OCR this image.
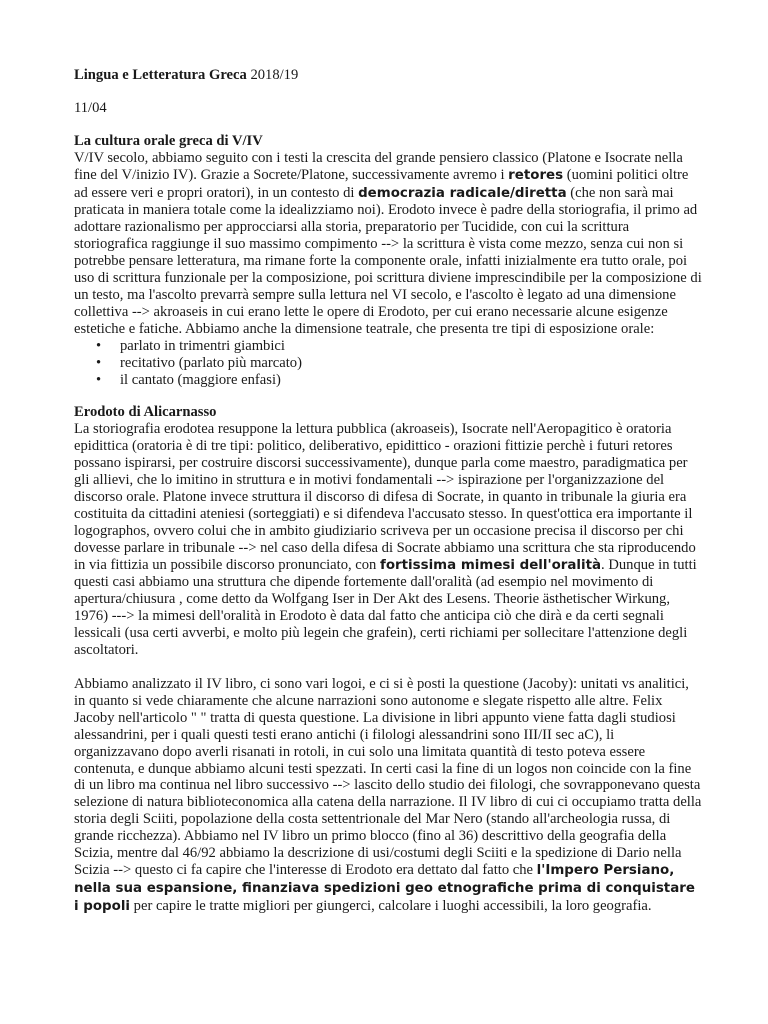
Lingua e Letteratura Greca 2018/19

11/04

La cultura orale greca di V/IV

V/IV secolo, abbiamo seguito con i testi la crescita del grande pensiero classico (Platone e Isocrate nella fine del V/inizio IV). Grazie a Socrete/Platone, successivamente avremo i retores (uomini politici oltre ad essere veri e propri oratori), in un contesto di democrazia radicale/diretta (che non sarà mai praticata in maniera totale come la idealizziamo noi). Erodoto invece è padre della storiografia, il primo ad adottare razionalismo per approcciarsi alla storia, preparatorio per Tucidide, con cui la scrittura storiografica raggiunge il suo massimo compimento --> la scrittura è vista come mezzo, senza cui non si potrebbe pensare letteratura, ma rimane forte la componente orale, infatti inizialmente era tutto orale, poi uso di scrittura funzionale per la composizione, poi scrittura diviene imprescindibile per la composizione di un testo, ma l'ascolto prevarrà sempre sulla lettura nel VI secolo, e l'ascolto è legato ad una dimensione collettiva --> akroaseis in cui erano lette le opere di Erodoto, per cui erano necessarie alcune esigenze estetiche e fatiche. Abbiamo anche la dimensione teatrale, che presenta tre tipi di esposizione orale:

• parlato in trimentri giambici
• recitativo (parlato più marcato)
• il cantato (maggiore enfasi)

Erodoto di Alicarnasso

La storiografia erodotea resuppone la lettura pubblica (akroaseis), Isocrate nell'Aeropagitico è oratoria epidittica (oratoria è di tre tipi: politico, deliberativo, epidittico - orazioni fittizie perchè i futuri retores possano ispirarsi, per costruire discorsi successivamente), dunque parla come maestro, paradigmatica per gli allievi, che lo imitino in struttura e in motivi fondamentali --> ispirazione per l'organizzazione del discorso orale. Platone invece struttura il discorso di difesa di Socrate, in quanto in tribunale la giuria era costituita da cittadini ateniesi (sorteggiati) e si difendeva l'accusato stesso. In quest'ottica era importante il logographos, ovvero colui che in ambito giudiziario scriveva per un occasione precisa il discorso per chi dovesse parlare in tribunale --> nel caso della difesa di Socrate abbiamo una scrittura che sta riproducendo in via fittizia un possibile discorso pronunciato, con fortissima mimesi dell'oralità. Dunque in tutti questi casi abbiamo una struttura che dipende fortemente dall'oralità (ad esempio nel movimento di apertura/chiusura , come detto da Wolfgang Iser in Der Akt des Lesens. Theorie ästhetischer Wirkung, 1976) ---> la mimesi dell'oralità in Erodoto è data dal fatto che anticipa ciò che dirà e da certi segnali lessicali (usa certi avverbi, e molto più legein che grafein), certi richiami per sollecitare l'attenzione degli ascoltatori.

Abbiamo analizzato il IV libro, ci sono vari logoi, e ci si è posti la questione (Jacoby): unitati vs analitici, in quanto si vede chiaramente che alcune narrazioni sono autonome e slegate rispetto alle altre. Felix Jacoby nell'articolo " " tratta di questa questione. La divisione in libri appunto viene fatta dagli studiosi alessandrini, per i quali questi testi erano antichi (i filologi alessandrini sono III/II sec aC), li organizzavano dopo averli risanati in rotoli, in cui solo una limitata quantità di testo poteva essere contenuta, e dunque abbiamo alcuni testi spezzati. In certi casi la fine di un logos non coincide con la fine di un libro ma continua nel libro successivo --> lascito dello studio dei filologi, che sovrapponevano questa selezione di natura biblioteconomica alla catena della narrazione. Il IV libro di cui ci occupiamo tratta della storia degli Sciiti, popolazione della costa settentrionale del Mar Nero (stando all'archeologia russa, di grande ricchezza). Abbiamo nel IV libro un primo blocco (fino al 36) descrittivo della geografia della Scizia, mentre dal 46/92 abbiamo la descrizione di usi/costumi degli Sciiti e la spedizione di Dario nella Scizia --> questo ci fa capire che l'interesse di Erodoto era dettato dal fatto che l'Impero Persiano, nella sua espansione, finanziava spedizioni geo etnografiche prima di conquistare i popoli per capire le tratte migliori per giungerci, calcolare i luoghi accessibili, la loro geografia.
